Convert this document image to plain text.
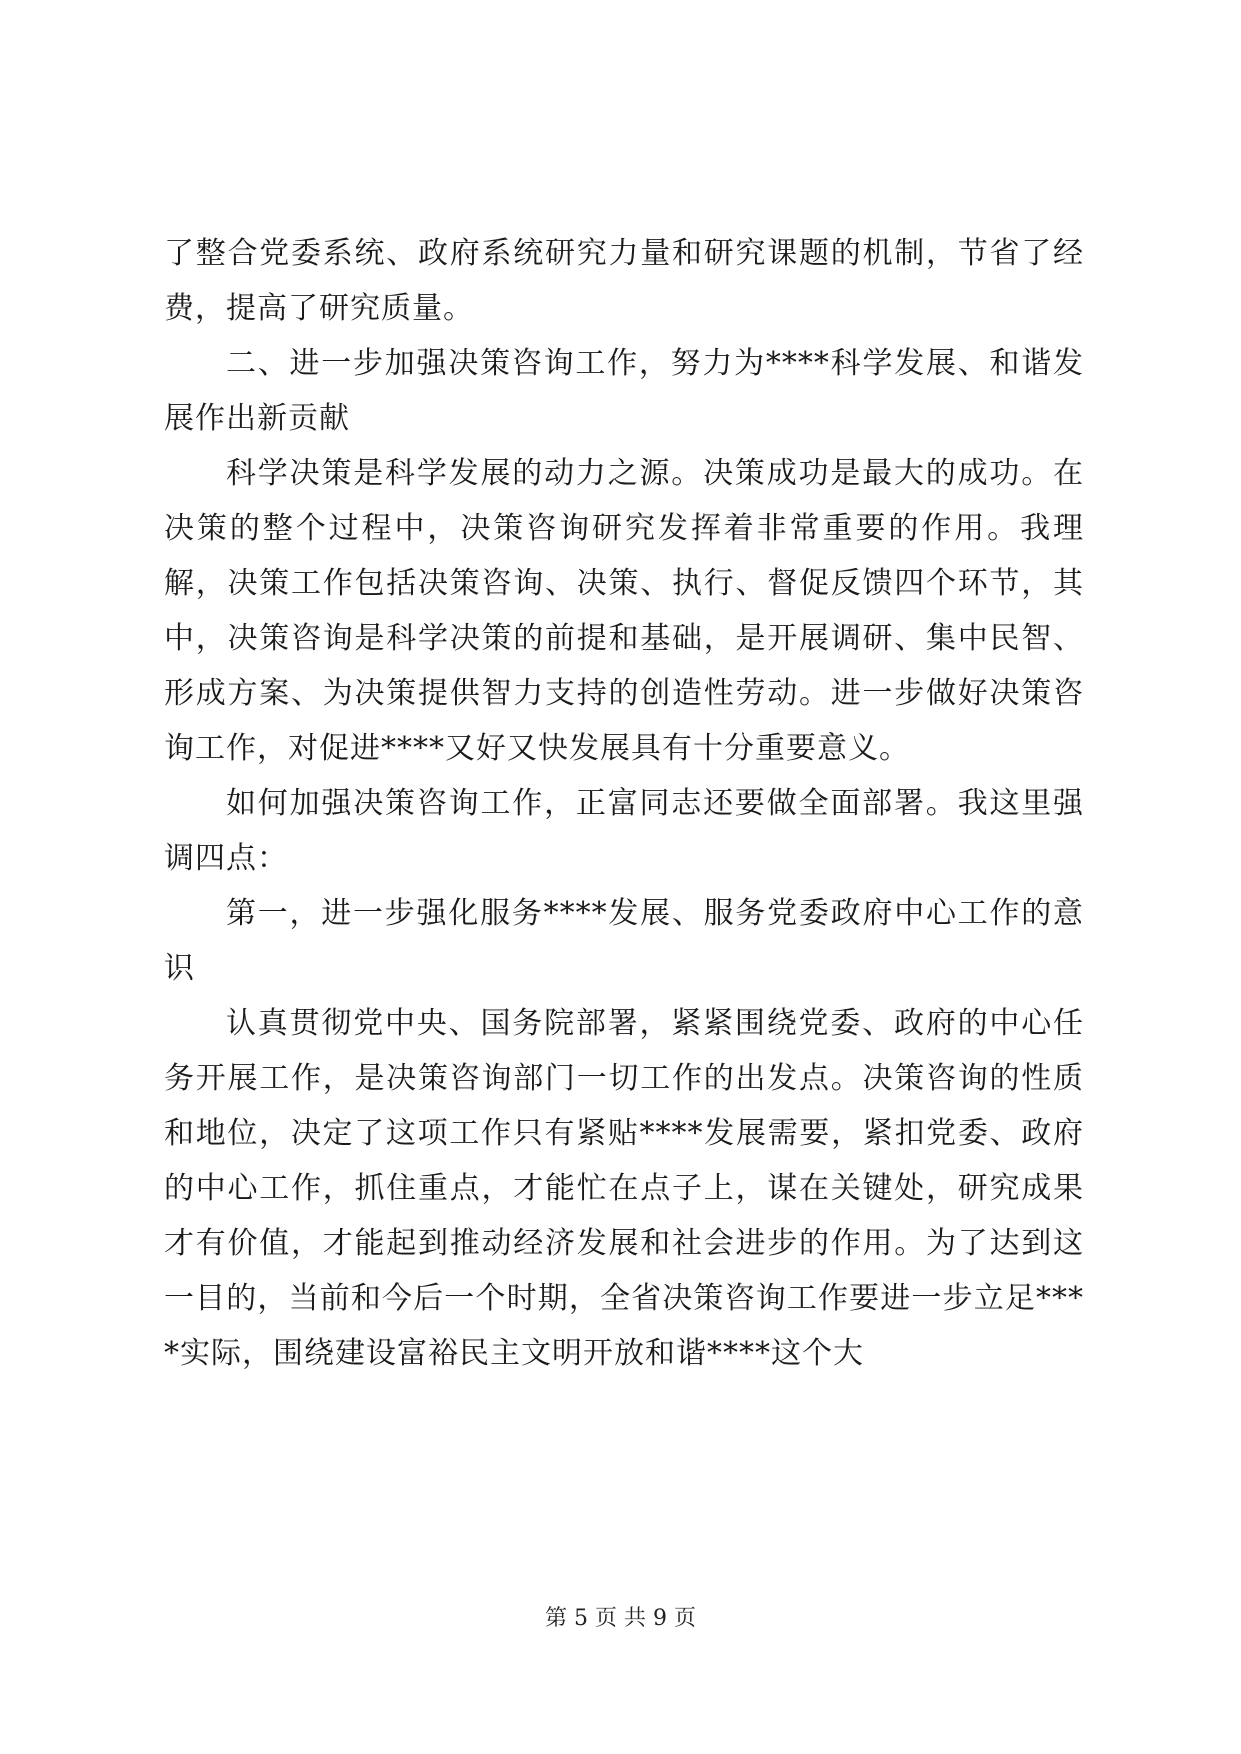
了整合党委系统、政府系统研究力量和研究课题的机制，节省了经费，提高了研究质量。

二、进一步加强决策咨询工作，努力为****科学发展、和谐发展作出新贡献

科学决策是科学发展的动力之源。决策成功是最大的成功。在决策的整个过程中，决策咨询研究发挥着非常重要的作用。我理解，决策工作包括决策咨询、决策、执行、督促反馈四个环节，其中，决策咨询是科学决策的前提和基础，是开展调研、集中民智、形成方案、为决策提供智力支持的创造性劳动。进一步做好决策咨询工作，对促进****又好又快发展具有十分重要意义。

如何加强决策咨询工作，正富同志还要做全面部署。我这里强调四点：

第一，进一步强化服务****发展、服务党委政府中心工作的意识

认真贯彻党中央、国务院部署，紧紧围绕党委、政府的中心任务开展工作，是决策咨询部门一切工作的出发点。决策咨询的性质和地位，决定了这项工作只有紧贴****发展需要，紧扣党委、政府的中心工作，抓住重点，才能忙在点子上，谋在关键处，研究成果才有价值，才能起到推动经济发展和社会进步的作用。为了达到这一目的，当前和今后一个时期，全省决策咨询工作要进一步立足****实际，围绕建设富裕民主文明开放和谐****这个大

第 5 页 共 9 页
